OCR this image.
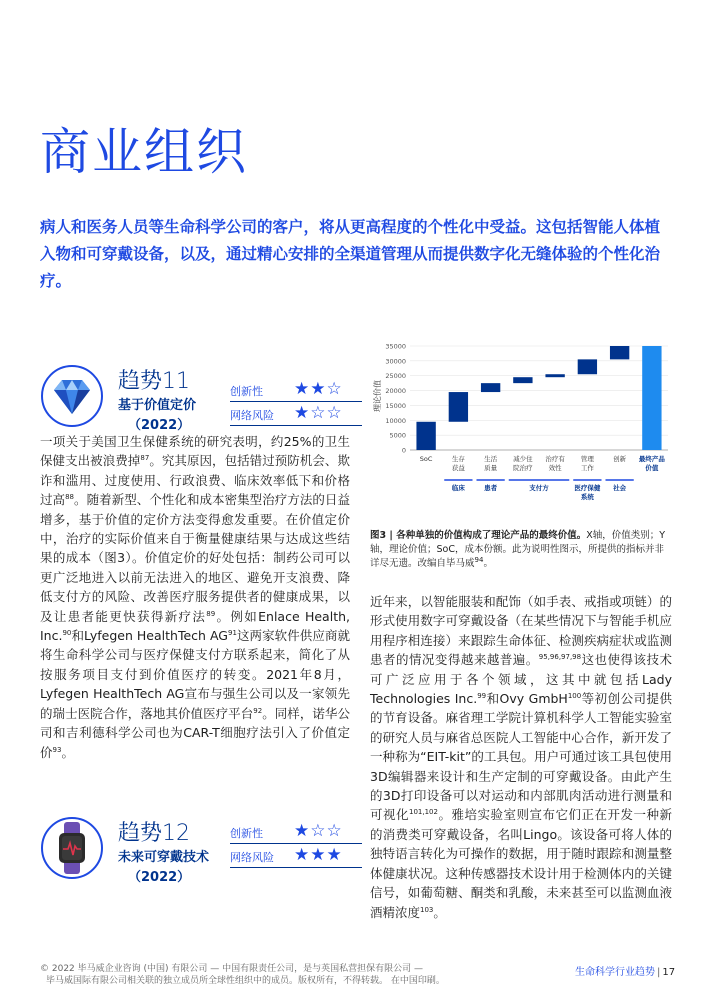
商业组织

病人和医务人员等生命科学公司的客户，将从更高程度的个性化中受益。这包括智能人体植入物和可穿戴设备，以及，通过精心安排的全渠道管理从而提供数字化无缝体验的个性化治疗。

趋势11
基于价值定价
（2022）
创新性 ★★☆
网络风险 ★☆☆

一项关于美国卫生保健系统的研究表明，约25%的卫生保健支出被浪费掉$^{87}$。究其原因，包括错过预防机会、欺诈和滥用、过度使用、行政浪费、临床效率低下和价格过高$^{88}$。随着新型、个性化和成本密集型治疗方法的日益增多，基于价值的定价方法变得愈发重要。在价值定价中，治疗的实际价值来自于衡量健康结果与达成这些结果的成本（图3）。价值定价的好处包括：制药公司可以更广泛地进入以前无法进入的地区、避免开支浪费、降低支付方的风险、改善医疗服务提供者的健康成果，以及让患者能更快获得新疗法$^{89}$。例如Enlace Health, Inc.$^{90}$和Lyfegen HealthTech AG$^{91}$这两家软件供应商就将生命科学公司与医疗保健支付方联系起来，简化了从按服务项目支付到价值医疗的转变。2021年8月，Lyfegen HealthTech AG宣布与强生公司以及一家领先的瑞士医院合作，落地其价值医疗平台$^{92}$。同样，诺华公司和吉利德科学公司也为CAR-T细胞疗法引入了价值定价$^{93}$。

趋势12
未来可穿戴技术
（2022）
创新性 ★☆☆
网络风险 ★★★
0
5000
10000
15000
20000
25000
30000
35000
SoC	生存
获益
生活
质量
减少住
院治疗
治疗有
效性
管理
工作
创新 最终产品
价值
临床	患者	支付方	医疗保健
系统
社会
理论价值

图3 | 各种单独的价值构成了理论产品的最终价值。X轴，价值类别；Y轴，理论价值；SoC，成本份额。此为说明性图示，所提供的指标并非详尽无遗。改编自毕马威$^{94}$。

近年来，以智能服装和配饰（如手表、戒指或项链）的形式使用数字可穿戴设备（在某些情况下与智能手机应用程序相连接）来跟踪生命体征、检测疾病症状或监测患者的情况变得越来越普遍。$^{95,96,97,98}$这也使得该技术可广泛应用于各个领域，这其中就包括Lady Technologies Inc.$^{99}$和Ovy GmbH$^{100}$等初创公司提供的节育设备。麻省理工学院计算机科学人工智能实验室的研究人员与麻省总医院人工智能中心合作，新开发了一种称为“EIT-kit”的工具包。用户可通过该工具包使用3D编辑器来设计和生产定制的可穿戴设备。由此产生的3D打印设备可以对运动和内部肌肉活动进行测量和可视化$^{101,102}$。雅培实验室则宣布它们正在开发一种新的消费类可穿戴设备，名叫Lingo。该设备可将人体的独特语言转化为可操作的数据，用于随时跟踪和测量整体健康状况。这种传感器技术设计用于检测体内的关键信号，如葡萄糖、酮类和乳酸，未来甚至可以监测血液酒精浓度$^{103}$。

© 2022 毕马威企业咨询 (中国) 有限公司 — 中国有限责任公司，是与英国私营担保有限公司 —
毕马威国际有限公司相关联的独立成员所全球性组织中的成员。版权所有，不得转载。 在中国印刷。
生命科学行业趋势 | 17
